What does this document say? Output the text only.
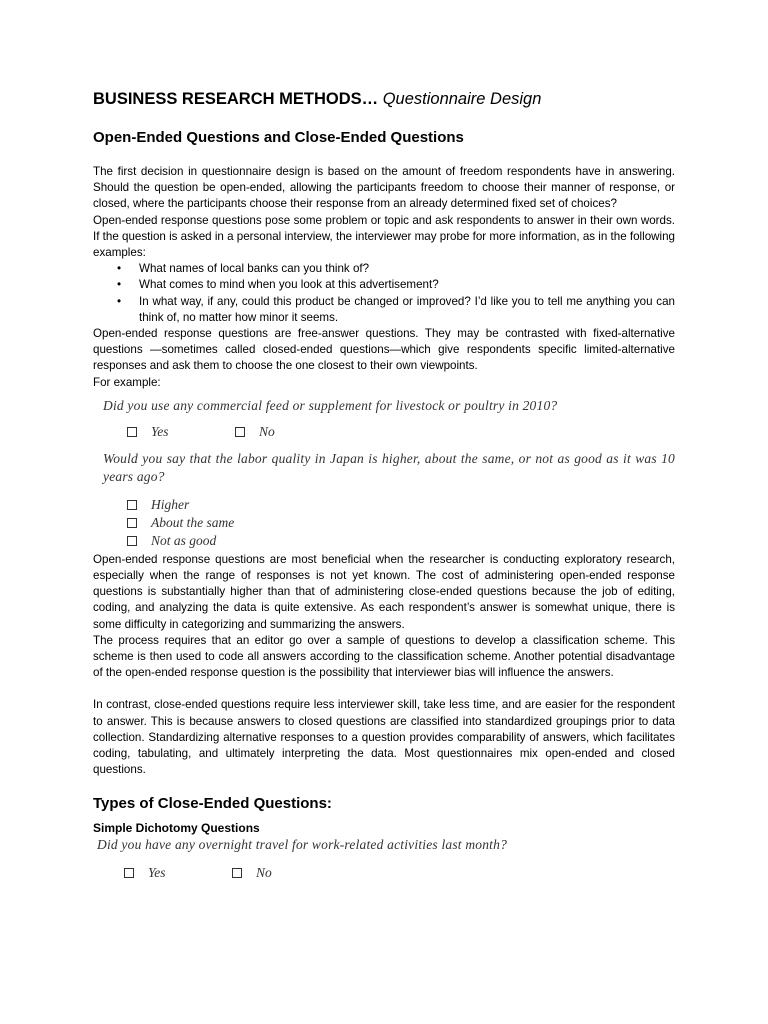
BUSINESS RESEARCH METHODS… Questionnaire Design
Open-Ended Questions and Close-Ended Questions

The first decision in questionnaire design is based on the amount of freedom respondents have in answering. Should the question be open-ended, allowing the participants freedom to choose their manner of response, or closed, where the participants choose their response from an already determined fixed set of choices?

Open-ended response questions pose some problem or topic and ask respondents to answer in their own words. If the question is asked in a personal interview, the interviewer may probe for more information, as in the following examples:

• What names of local banks can you think of?
• What comes to mind when you look at this advertisement?
• In what way, if any, could this product be changed or improved? I’d like you to tell me anything you can think of, no matter how minor it seems.

Open-ended response questions are free-answer questions. They may be contrasted with fixed-alternative questions —sometimes called closed-ended questions—which give respondents specific limited-alternative responses and ask them to choose the one closest to their own viewpoints.

For example:

Did you use any commercial feed or supplement for livestock or poultry in 2010?
Yes	No
Would you say that the labor quality in Japan is higher, about the same, or not as good as it was 10 years ago?
Higher
About the same
Not as good

Open-ended response questions are most beneficial when the researcher is conducting exploratory research, especially when the range of responses is not yet known. The cost of administering open-ended response questions is substantially higher than that of administering close-ended questions because the job of editing, coding, and analyzing the data is quite extensive. As each respondent’s answer is somewhat unique, there is some difficulty in categorizing and summarizing the answers.

The process requires that an editor go over a sample of questions to develop a classification scheme. This scheme is then used to code all answers according to the classification scheme. Another potential disadvantage of the open-ended response question is the possibility that interviewer bias will influence the answers.

In contrast, close-ended questions require less interviewer skill, take less time, and are easier for the respondent to answer. This is because answers to closed questions are classified into standardized groupings prior to data collection. Standardizing alternative responses to a question provides comparability of answers, which facilitates coding, tabulating, and ultimately interpreting the data. Most questionnaires mix open-ended and closed questions.

Types of Close-Ended Questions:
Simple Dichotomy Questions
Did you have any overnight travel for work-related activities last month?
Yes	No
